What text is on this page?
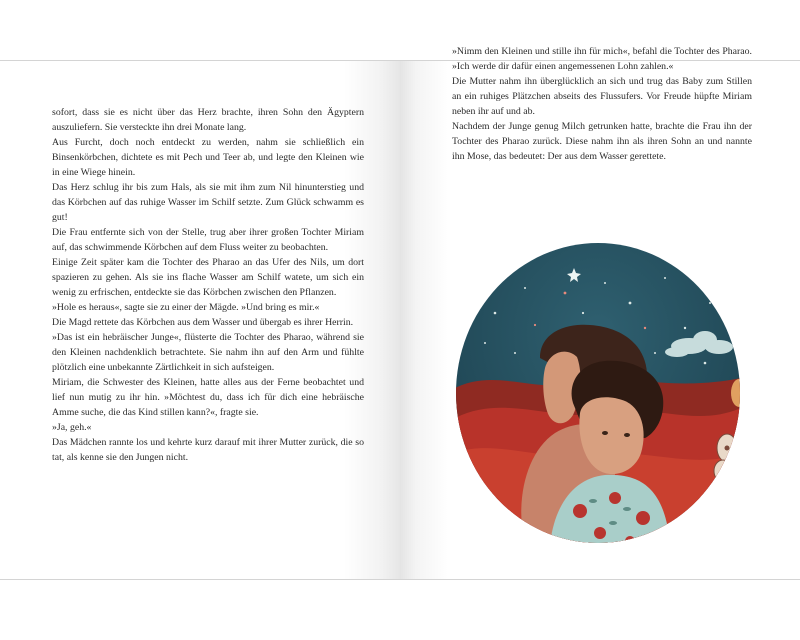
sofort, dass sie es nicht über das Herz brachte, ihren Sohn den Ägyptern auszuliefern. Sie versteckte ihn drei Monate lang.

Aus Furcht, doch noch entdeckt zu werden, nahm sie schließlich ein Binsenkörbchen, dichtete es mit Pech und Teer ab, und legte den Kleinen wie in eine Wiege hinein.

Das Herz schlug ihr bis zum Hals, als sie mit ihm zum Nil hinunterstieg und das Körbchen auf das ruhige Wasser im Schilf setzte. Zum Glück schwamm es gut!

Die Frau entfernte sich von der Stelle, trug aber ihrer großen Tochter Miriam auf, das schwimmende Körbchen auf dem Fluss weiter zu beobachten.

Einige Zeit später kam die Tochter des Pharao an das Ufer des Nils, um dort spazieren zu gehen. Als sie ins flache Wasser am Schilf watete, um sich ein wenig zu erfrischen, entdeckte sie das Körbchen zwischen den Pflanzen.

»Hole es heraus«, sagte sie zu einer der Mägde. »Und bring es mir.«

Die Magd rettete das Körbchen aus dem Wasser und übergab es ihrer Herrin.

»Das ist ein hebräischer Junge«, flüsterte die Tochter des Pharao, während sie den Kleinen nachdenklich betrachtete. Sie nahm ihn auf den Arm und fühlte plötzlich eine unbekannte Zärtlichkeit in sich aufsteigen.

Miriam, die Schwester des Kleinen, hatte alles aus der Ferne beobachtet und lief nun mutig zu ihr hin. »Möchtest du, dass ich für dich eine hebräische Amme suche, die das Kind stillen kann?«, fragte sie.

»Ja, geh.«

Das Mädchen rannte los und kehrte kurz darauf mit ihrer Mutter zurück, die so tat, als kenne sie den Jungen nicht.

»Nimm den Kleinen und stille ihn für mich«, befahl die Tochter des Pharao. »Ich werde dir dafür einen angemessenen Lohn zahlen.«

Die Mutter nahm ihn überglücklich an sich und trug das Baby zum Stillen an ein ruhiges Plätzchen abseits des Flussufers. Vor Freude hüpfte Miriam neben ihr auf und ab.

Nachdem der Junge genug Milch getrunken hatte, brachte die Frau ihn der Tochter des Pharao zurück. Diese nahm ihn als ihren Sohn an und nannte ihn Mose, das bedeutet: Der aus dem Wasser gerettete.
